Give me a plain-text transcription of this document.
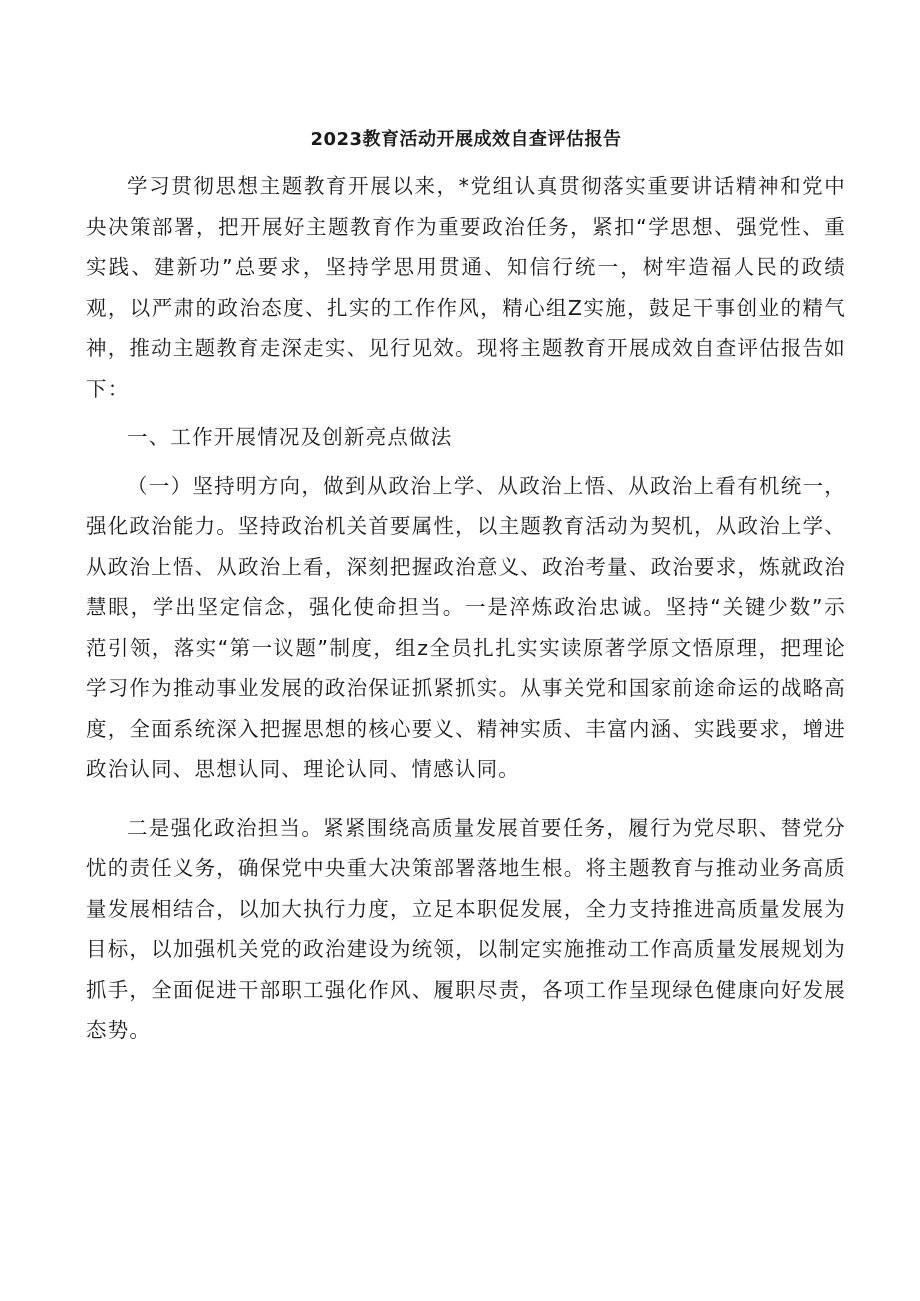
2023教育活动开展成效自查评估报告

学习贯彻思想主题教育开展以来，*党组认真贯彻落实重要讲话精神和党中央决策部署，把开展好主题教育作为重要政治任务，紧扣“学思想、强党性、重实践、建新功”总要求，坚持学思用贯通、知信行统一，树牢造福人民的政绩观，以严肃的政治态度、扎实的工作作风，精心组Z实施，鼓足干事创业的精气神，推动主题教育走深走实、见行见效。现将主题教育开展成效自查评估报告如下：

一、工作开展情况及创新亮点做法

（一）坚持明方向，做到从政治上学、从政治上悟、从政治上看有机统一，强化政治能力。坚持政治机关首要属性，以主题教育活动为契机，从政治上学、从政治上悟、从政治上看，深刻把握政治意义、政治考量、政治要求，炼就政治慧眼，学出坚定信念，强化使命担当。一是淬炼政治忠诚。坚持“关键少数”示范引领，落实“第一议题”制度，组z全员扎扎实实读原著学原文悟原理，把理论学习作为推动事业发展的政治保证抓紧抓实。从事关党和国家前途命运的战略高度，全面系统深入把握思想的核心要义、精神实质、丰富内涵、实践要求，增进政治认同、思想认同、理论认同、情感认同。

二是强化政治担当。紧紧围绕高质量发展首要任务，履行为党尽职、替党分忧的责任义务，确保党中央重大决策部署落地生根。将主题教育与推动业务高质量发展相结合，以加大执行力度，立足本职促发展，全力支持推进高质量发展为目标，以加强机关党的政治建设为统领，以制定实施推动工作高质量发展规划为抓手，全面促进干部职工强化作风、履职尽责，各项工作呈现绿色健康向好发展态势。
